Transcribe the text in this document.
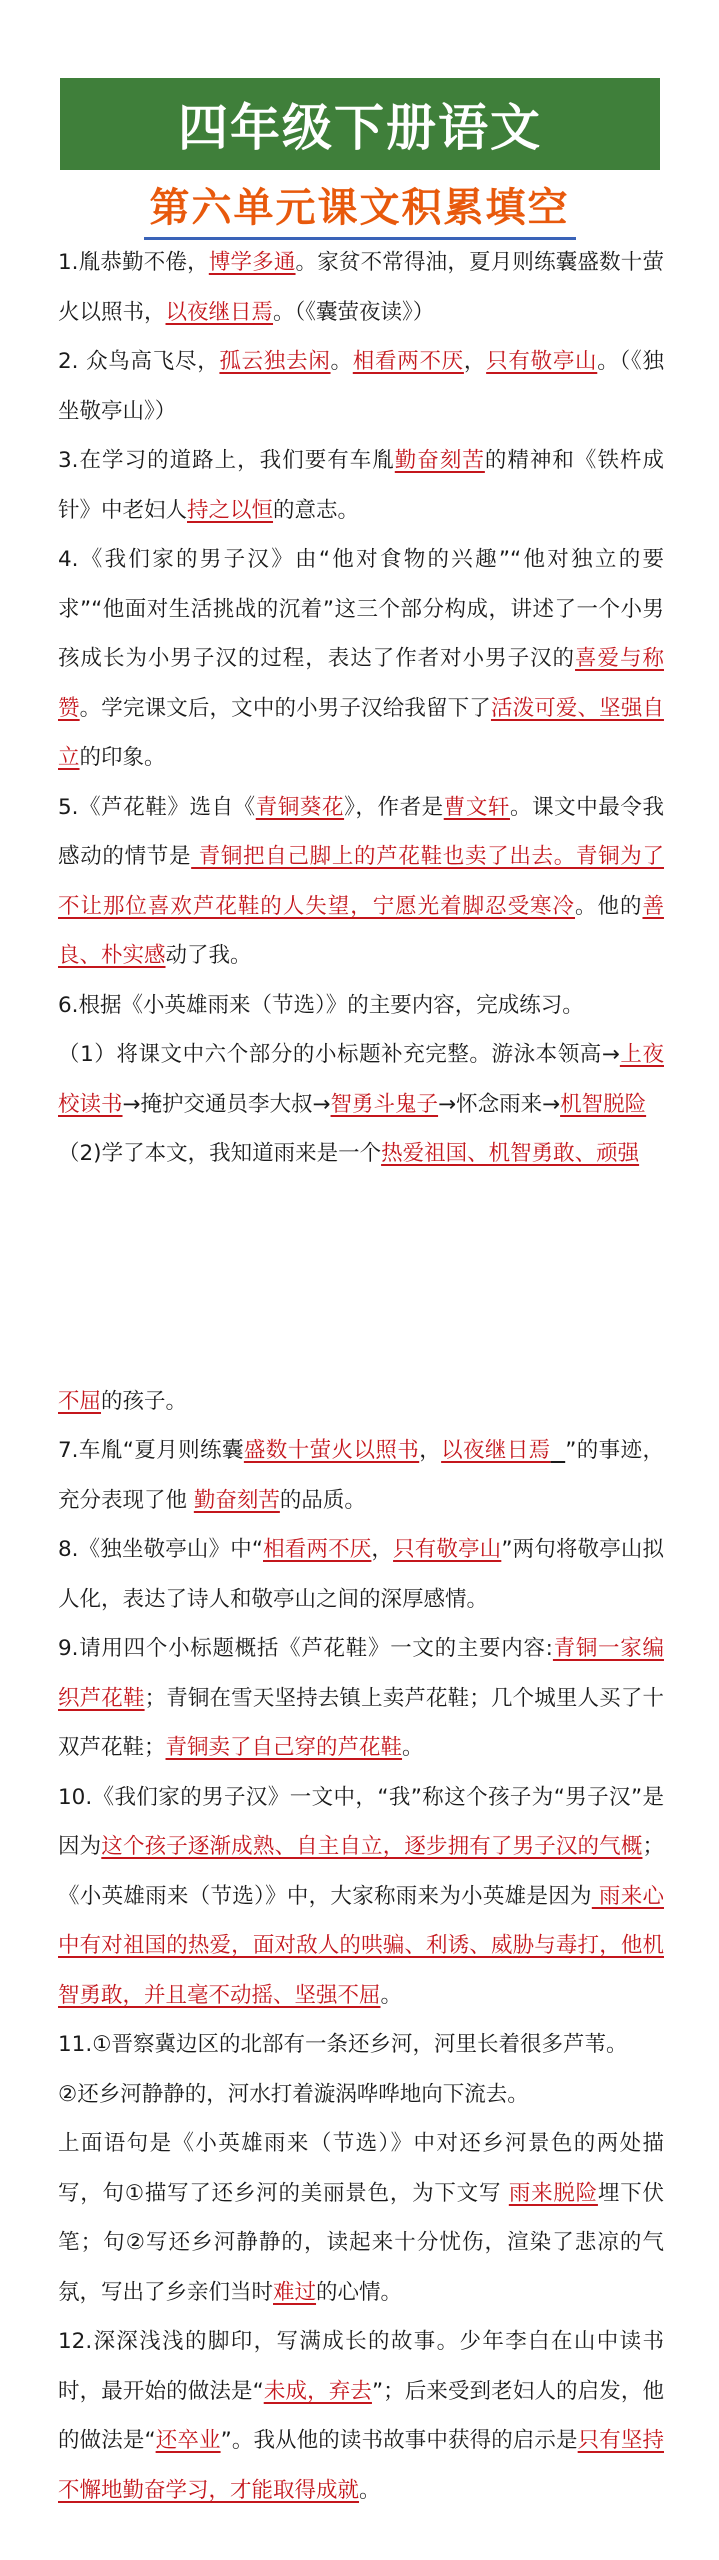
四年级下册语文
第六单元课文积累填空

1.胤恭勤不倦，博学多通。家贫不常得油，夏月则练囊盛数十萤火以照书，以夜继日焉。（《囊萤夜读》）

2. 众鸟高飞尽，孤云独去闲。相看两不厌，只有敬亭山。（《独坐敬亭山》）

3.在学习的道路上，我们要有车胤勤奋刻苦的精神和《铁杵成针》中老妇人持之以恒的意志。

4.《我们家的男子汉》由“他对食物的兴趣”“他对独立的要求”“他面对生活挑战的沉着”这三个部分构成，讲述了一个小男孩成长为小男子汉的过程，表达了作者对小男子汉的喜爱与称赞。学完课文后，文中的小男子汉给我留下了活泼可爱、坚强自立的印象。

5.《芦花鞋》选自《青铜葵花》，作者是曹文轩。课文中最令我感动的情节是 青铜把自己脚上的芦花鞋也卖了出去。青铜为了不让那位喜欢芦花鞋的人失望，宁愿光着脚忍受寒冷。他的善良、朴实感动了我。

6.根据《小英雄雨来（节选）》的主要内容，完成练习。

（1）将课文中六个部分的小标题补充完整。游泳本领高→上夜校读书→掩护交通员李大叔→智勇斗鬼子→怀念雨来→机智脱险

（2)学了本文，我知道雨来是一个热爱祖国、机智勇敢、顽强

不屈的孩子。

7.车胤“夏月则练囊盛数十萤火以照书，以夜继日焉 ”的事迹，充分表现了他 勤奋刻苦的品质。

8.《独坐敬亭山》中“相看两不厌，只有敬亭山”两句将敬亭山拟人化，表达了诗人和敬亭山之间的深厚感情。

9.请用四个小标题概括《芦花鞋》一文的主要内容:青铜一家编织芦花鞋；青铜在雪天坚持去镇上卖芦花鞋；几个城里人买了十双芦花鞋；青铜卖了自己穿的芦花鞋。

10.《我们家的男子汉》一文中，“我”称这个孩子为“男子汉”是因为这个孩子逐渐成熟、自主自立，逐步拥有了男子汉的气概；《小英雄雨来（节选）》中，大家称雨来为小英雄是因为 雨来心中有对祖国的热爱，面对敌人的哄骗、利诱、威胁与毒打，他机智勇敢，并且毫不动摇、坚强不屈。

11.①晋察冀边区的北部有一条还乡河，河里长着很多芦苇。

②还乡河静静的，河水打着漩涡哗哗地向下流去。

上面语句是《小英雄雨来（节选）》中对还乡河景色的两处描写，句①描写了还乡河的美丽景色，为下文写 雨来脱险埋下伏笔；句②写还乡河静静的，读起来十分忧伤，渲染了悲凉的气氛，写出了乡亲们当时难过的心情。

12.深深浅浅的脚印，写满成长的故事。少年李白在山中读书时，最开始的做法是“未成，弃去”；后来受到老妇人的启发，他的做法是“还卒业”。我从他的读书故事中获得的启示是只有坚持不懈地勤奋学习，才能取得成就。
